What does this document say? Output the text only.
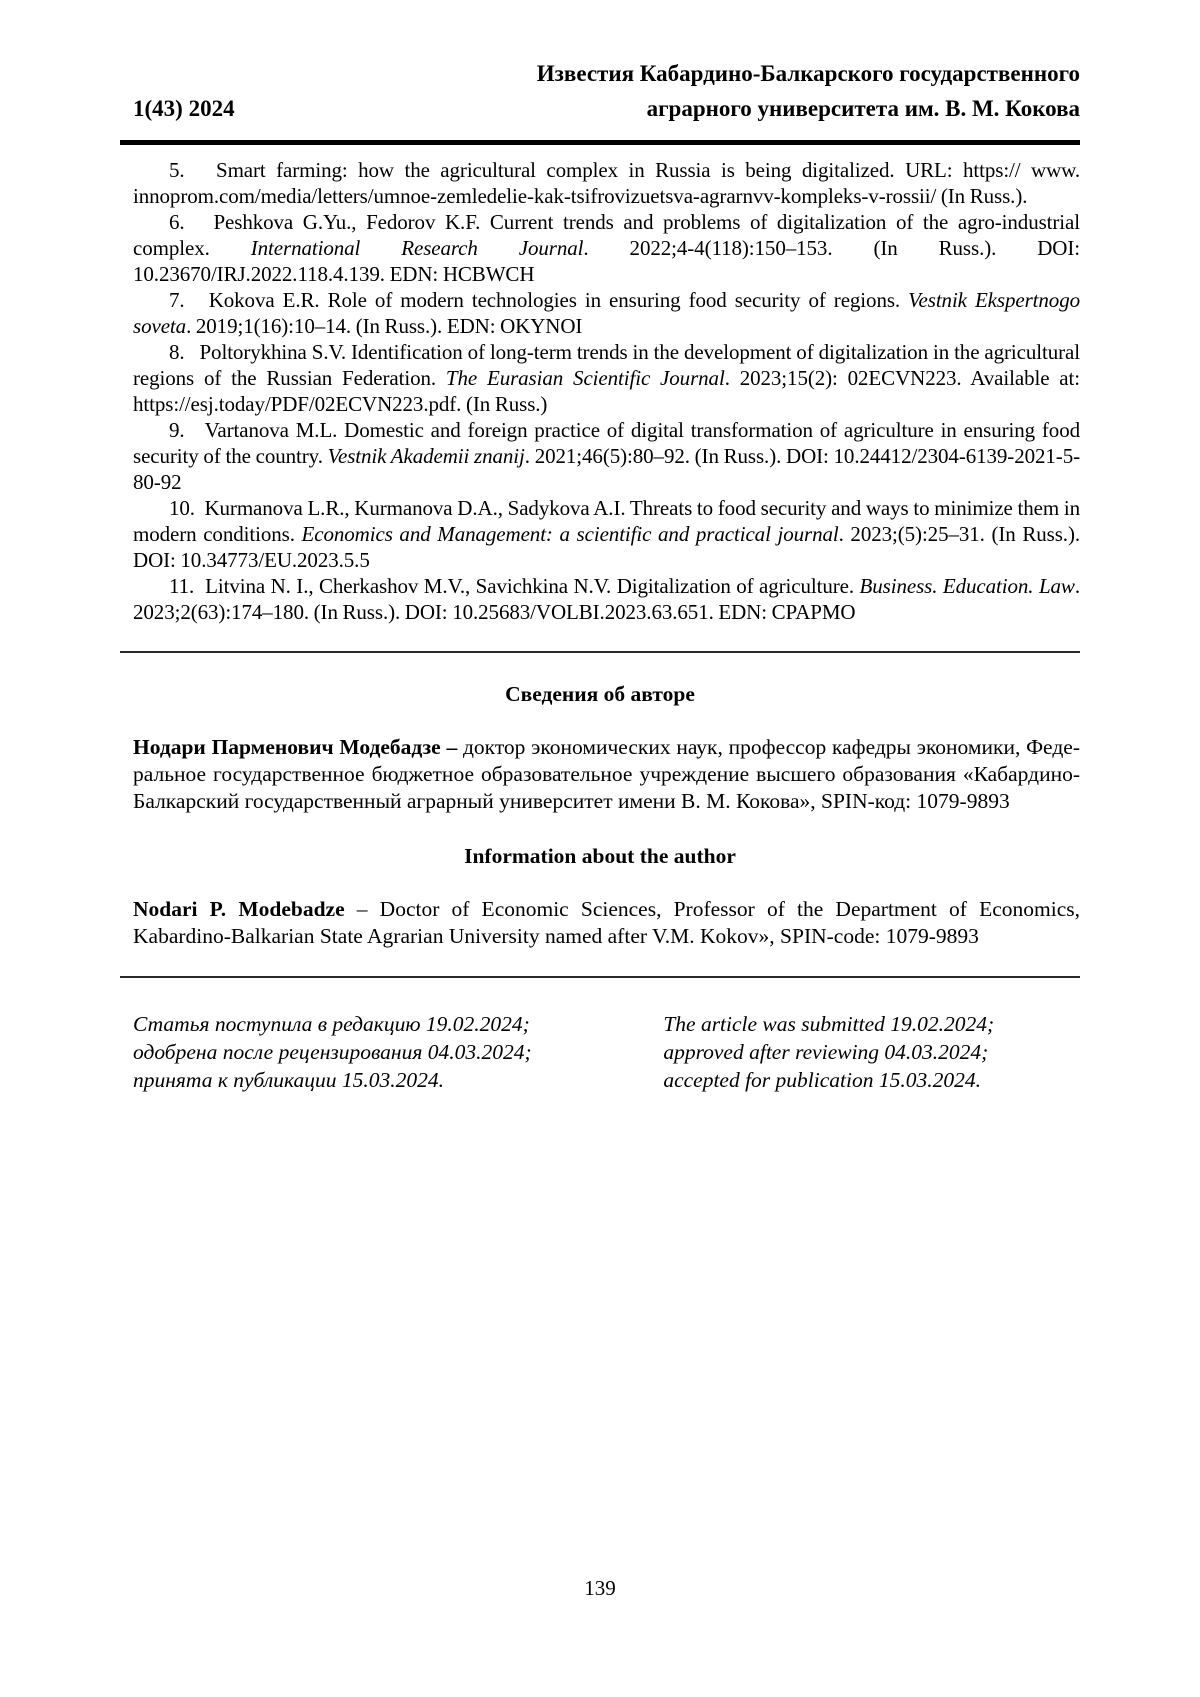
1(43) 2024
Известия Кабардино-Балкарского государственного
аграрного университета им. В. М. Кокова

5.   Smart farming: how the agricultural complex in Russia is being digitalized. URL: https:// www. innoprom.com/media/letters/umnoe-zemledelie-kak-tsifrovizuetsva-agrarnvv-kompleks-v-rossii/ (In Russ.).

6.   Peshkova G.Yu., Fedorov K.F. Current trends and problems of digitalization of the agro-industrial complex. International Research Journal. 2022;4-4(118):150–153. (In Russ.). DOI: 10.23670/IRJ.2022.118.4.139. EDN: HCBWCH

7.   Kokova E.R. Role of modern technologies in ensuring food security of regions. Vestnik Ekspertnogo soveta. 2019;1(16):10–14. (In Russ.). EDN: OKYNOI

8.   Poltorykhina S.V. Identification of long-term trends in the development of digitalization in the agricultural regions of the Russian Federation. The Eurasian Scientific Journal. 2023;15(2): 02ECVN223. Available at: https://esj.today/PDF/02ECVN223.pdf. (In Russ.)

9.   Vartanova M.L. Domestic and foreign practice of digital transformation of agriculture in ensuring food security of the country. Vestnik Akademii znanij. 2021;46(5):80–92. (In Russ.). DOI: 10.24412/2304-6139-2021-5-80-92

10.  Kurmanova L.R., Kurmanova D.A., Sadykova A.I. Threats to food security and ways to minimize them in modern conditions. Economics and Management: a scientific and practical journal. 2023;(5):25–31. (In Russ.). DOI: 10.34773/EU.2023.5.5

11.  Litvina N. I., Cherkashov M.V., Savichkina N.V. Digitalization of agriculture. Business. Education. Law. 2023;2(63):174–180. (In Russ.). DOI: 10.25683/VOLBI.2023.63.651. EDN: CPAPMO

Сведения об авторе

Нодари Парменович Модебадзе – доктор экономических наук, профессор кафедры экономики, Федеральное государственное бюджетное образовательное учреждение высшего образования «Кабардино-Балкарский государственный аграрный университет имени В. М. Кокова», SPIN-код: 1079-9893

Information about the author

Nodari P. Modebadze – Doctor of Economic Sciences, Professor of the Department of Economics, Kabardino-Balkarian State Agrarian University named after V.M. Kokov», SPIN-code: 1079-9893

Статья поступила в редакцию 19.02.2024;
одобрена после рецензирования 04.03.2024;
принята к публикации 15.03.2024.
The article was submitted 19.02.2024;
approved after reviewing 04.03.2024;
accepted for publication 15.03.2024.
139
